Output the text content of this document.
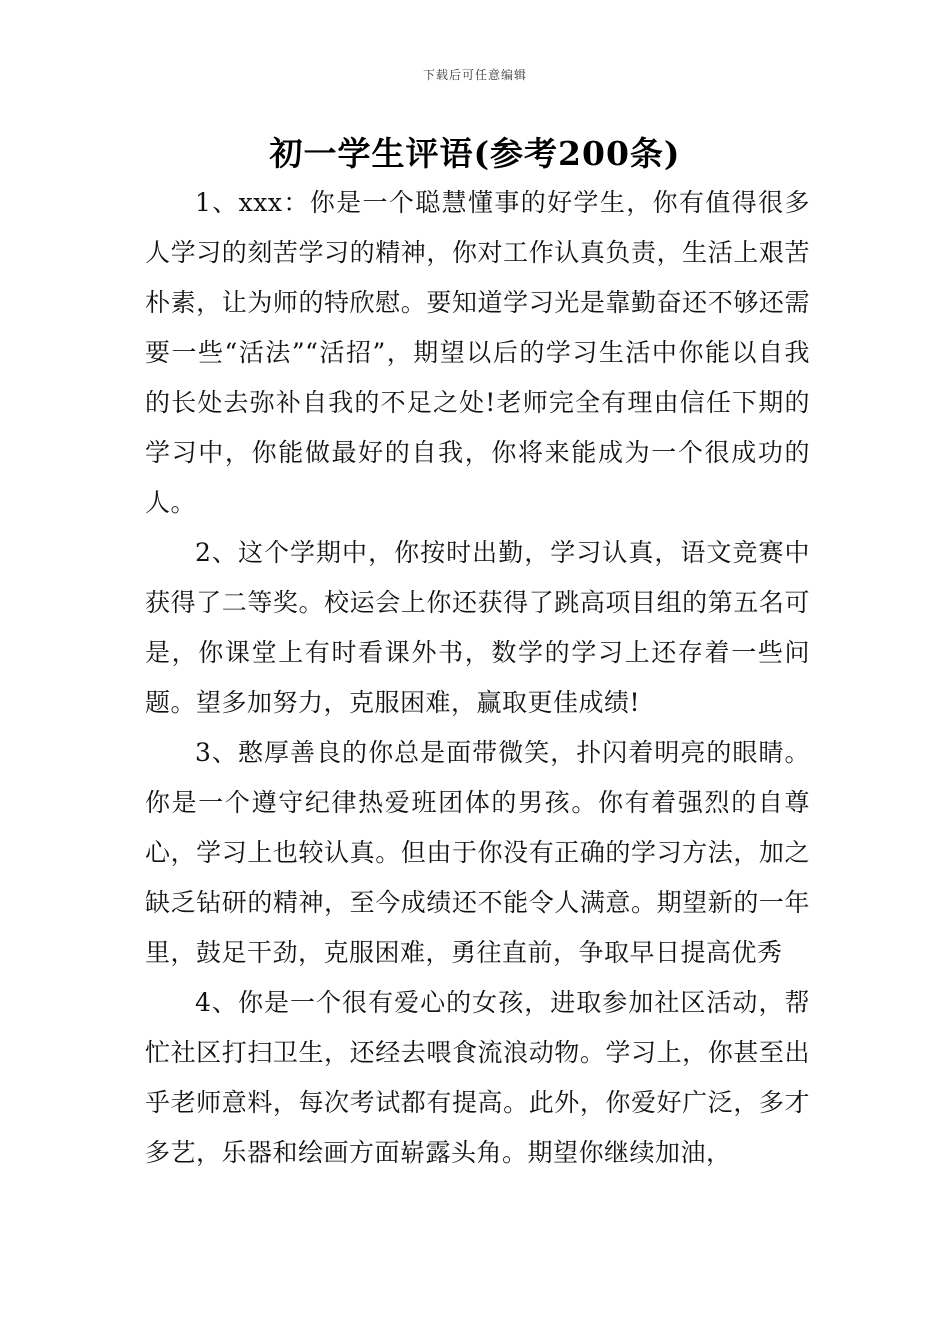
下载后可任意编辑
初一学生评语(参考200条)

1、xxx：你是一个聪慧懂事的好学生，你有值得很多人学习的刻苦学习的精神，你对工作认真负责，生活上艰苦朴素，让为师的特欣慰。要知道学习光是靠勤奋还不够还需要一些“活法”“活招”，期望以后的学习生活中你能以自我的长处去弥补自我的不足之处!老师完全有理由信任下期的学习中，你能做最好的自我，你将来能成为一个很成功的人。

2、这个学期中，你按时出勤，学习认真，语文竞赛中获得了二等奖。校运会上你还获得了跳高项目组的第五名可是，你课堂上有时看课外书，数学的学习上还存着一些问题。望多加努力，克服困难，赢取更佳成绩!

3、憨厚善良的你总是面带微笑，扑闪着明亮的眼睛。你是一个遵守纪律热爱班团体的男孩。你有着强烈的自尊心，学习上也较认真。但由于你没有正确的学习方法，加之缺乏钻研的精神，至今成绩还不能令人满意。期望新的一年里，鼓足干劲，克服困难，勇往直前，争取早日提高优秀

4、你是一个很有爱心的女孩，进取参加社区活动，帮忙社区打扫卫生，还经去喂食流浪动物。学习上，你甚至出乎老师意料，每次考试都有提高。此外，你爱好广泛，多才多艺，乐器和绘画方面崭露头角。期望你继续加油，
